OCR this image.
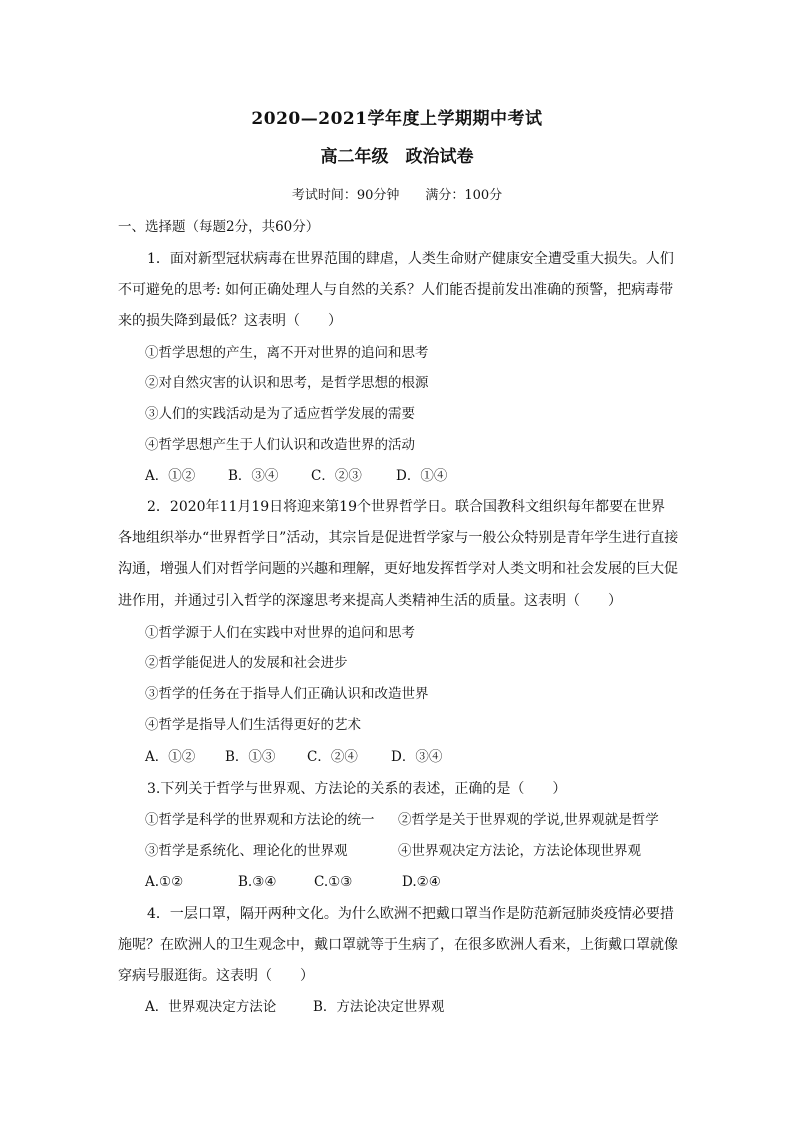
2020—2021学年度上学期期中考试
高二年级　政治试卷
考试时间：90分钟　　满分：100分
一、选择题（每题2分，共60分）
1．面对新型冠状病毒在世界范围的肆虐，人类生命财产健康安全遭受重大损失。人们
不可避免的思考: 如何正确处理人与自然的关系？人们能否提前发出准确的预警，把病毒带
来的损失降到最低？这表明（　　）
①哲学思想的产生，离不开对世界的追问和思考
②对自然灾害的认识和思考，是哲学思想的根源
③人们的实践活动是为了适应哲学发展的需要
④哲学思想产生于人们认识和改造世界的活动
A．①② B．③④ C．②③	D．①④
2．2020年11月19日将迎来第19个世界哲学日。联合国教科文组织每年都要在世界
各地组织举办“世界哲学日”活动，其宗旨是促进哲学家与一般公众特别是青年学生进行直接
沟通，增强人们对哲学问题的兴趣和理解，更好地发挥哲学对人类文明和社会发展的巨大促
进作用，并通过引入哲学的深邃思考来提高人类精神生活的质量。这表明（　　）
①哲学源于人们在实践中对世界的追问和思考
②哲学能促进人的发展和社会进步
③哲学的任务在于指导人们正确认识和改造世界
④哲学是指导人们生活得更好的艺术
A．①② B．①③ C．②④ D．③④
3.下列关于哲学与世界观、方法论的关系的表述，正确的是（　　）
①哲学是科学的世界观和方法论的统一 ②哲学是关于世界观的学说,世界观就是哲学
③哲学是系统化、理论化的世界观	④世界观决定方法论，方法论体现世界观
A.①②	B.③④	C.①③	D.②④
4．一层口罩，隔开两种文化。为什么欧洲不把戴口罩当作是防范新冠肺炎疫情必要措
施呢？在欧洲人的卫生观念中，戴口罩就等于生病了，在很多欧洲人看来，上街戴口罩就像
穿病号服逛街。这表明（　　）
A．世界观决定方法论	B．方法论决定世界观
